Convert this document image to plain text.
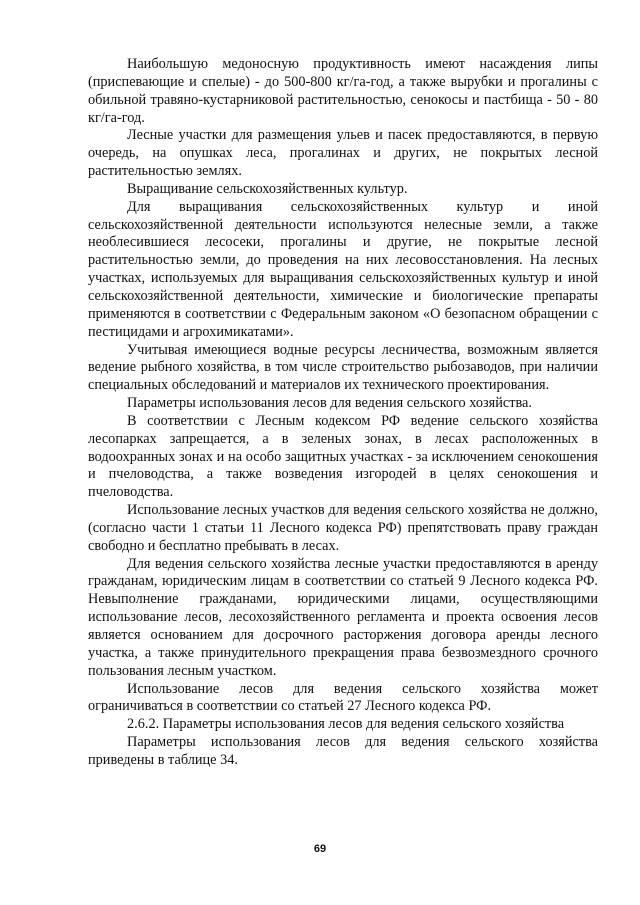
Наибольшую медоносную продуктивность имеют насаждения липы (приспевающие и спелые) - до 500-800 кг/га-год, а также вырубки и прогалины с обильной травяно-кустарниковой растительностью, сенокосы и пастбища - 50 - 80 кг/га-год.

Лесные участки для размещения ульев и пасек предоставляются, в первую очередь, на опушках леса, прогалинах и других, не покрытых лесной растительностью землях.

Выращивание сельскохозяйственных культур.

Для выращивания сельскохозяйственных культур и иной сельскохозяйственной деятельности используются нелесные земли, а также необлесившиеся лесосеки, прогалины и другие, не покрытые лесной растительностью земли, до проведения на них лесовосстановления. На лесных участках, используемых для выращивания сельскохозяйственных культур и иной сельскохозяйственной деятельности, химические и биологические препараты применяются в соответствии с Федеральным законом «О безопасном обращении с пестицидами и агрохимикатами».

Учитывая имеющиеся водные ресурсы лесничества, возможным является ведение рыбного хозяйства, в том числе строительство рыбозаводов, при наличии специальных обследований и материалов их технического проектирования.

Параметры использования лесов для ведения сельского хозяйства.

В соответствии с Лесным кодексом РФ ведение сельского хозяйства лесопарках запрещается, а в зеленых зонах, в лесах расположенных в водоохранных зонах и на особо защитных участках - за исключением сенокошения и пчеловодства, а также возведения изгородей в целях сенокошения и пчеловодства.

Использование лесных участков для ведения сельского хозяйства не должно, (согласно части 1 статьи 11 Лесного кодекса РФ) препятствовать праву граждан свободно и бесплатно пребывать в лесах.

Для ведения сельского хозяйства лесные участки предоставляются в аренду гражданам, юридическим лицам в соответствии со статьей 9 Лесного кодекса РФ. Невыполнение гражданами, юридическими лицами, осуществляющими использование лесов, лесохозяйственного регламента и проекта освоения лесов является основанием для досрочного расторжения договора аренды лесного участка, а также принудительного прекращения права безвозмездного срочного пользования лесным участком.

Использование лесов для ведения сельского хозяйства может ограничиваться в соответствии со статьей 27 Лесного кодекса РФ.

2.6.2. Параметры использования лесов для ведения сельского хозяйства

Параметры использования лесов для ведения сельского хозяйства приведены в таблице 34.

69
